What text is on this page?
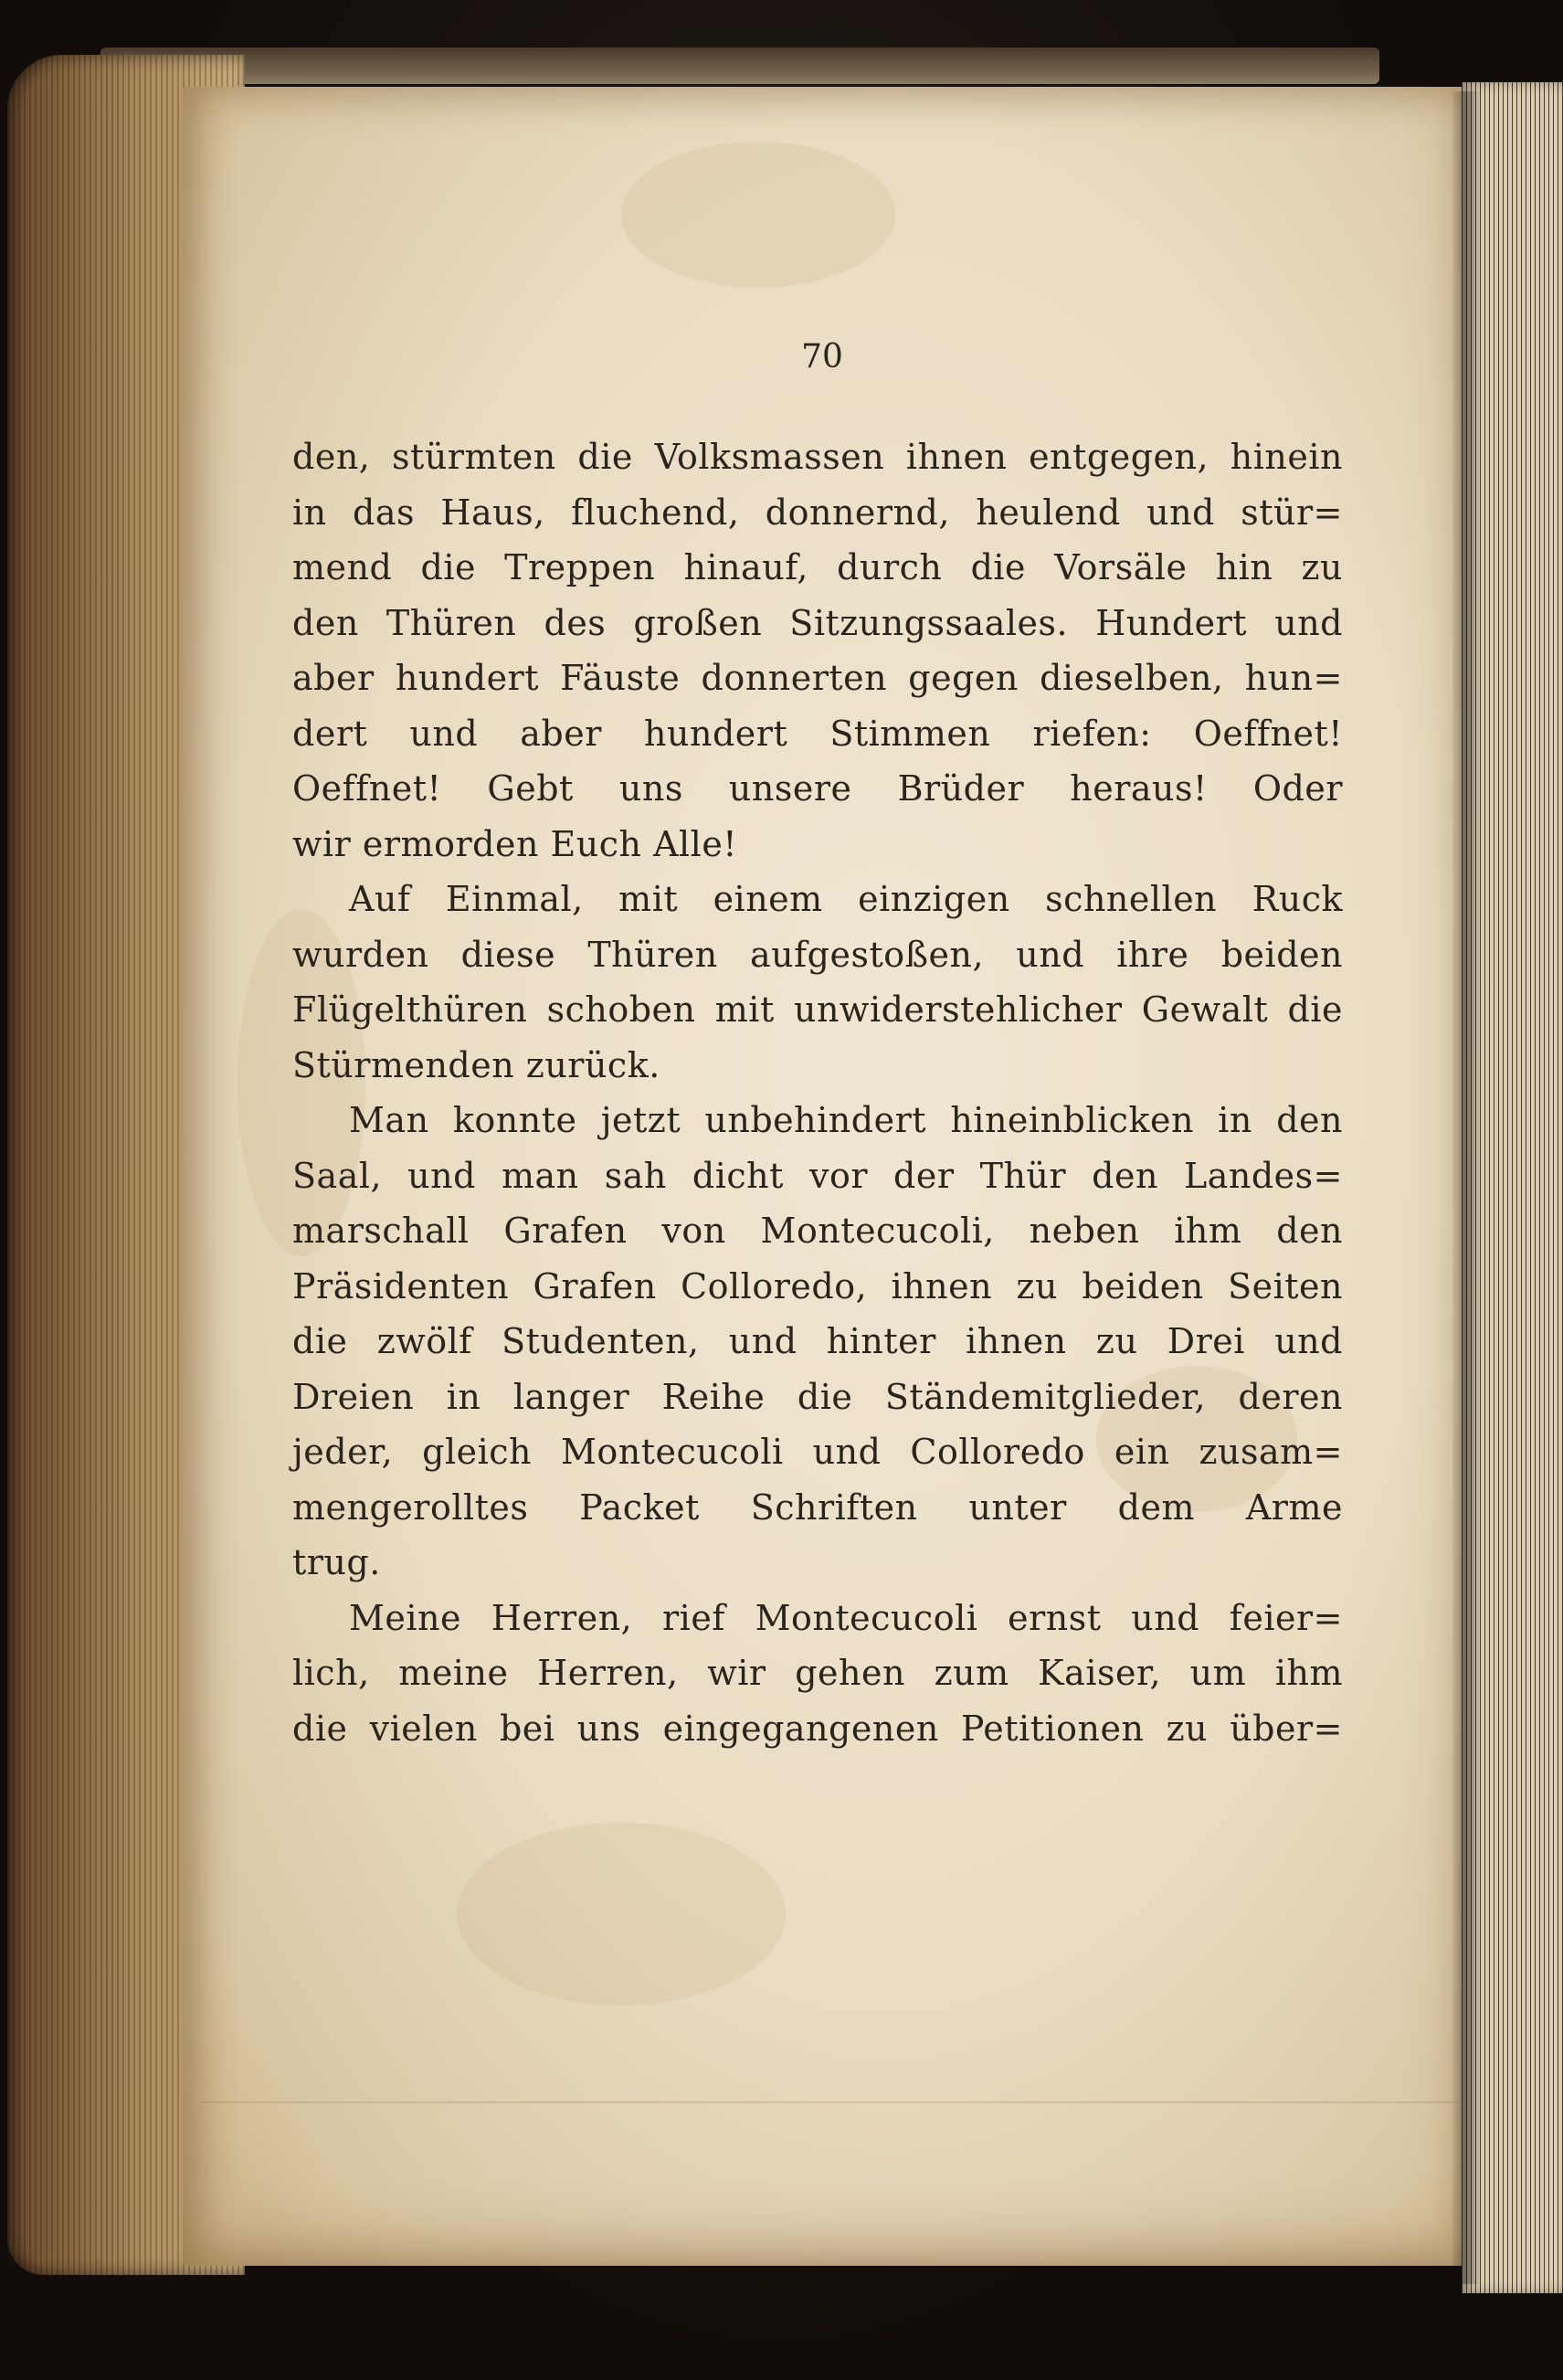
70
den, stürmten die Volksmassen ihnen entgegen, hinein
in das Haus, fluchend, donnernd, heulend und stür=
mend die Treppen hinauf, durch die Vorsäle hin zu
den Thüren des großen Sitzungssaales. Hundert und
aber hundert Fäuste donnerten gegen dieselben, hun=
dert und aber hundert Stimmen riefen: Oeffnet!
Oeffnet! Gebt uns unsere Brüder heraus! Oder
wir ermorden Euch Alle!
Auf Einmal, mit einem einzigen schnellen Ruck
wurden diese Thüren aufgestoßen, und ihre beiden
Flügelthüren schoben mit unwiderstehlicher Gewalt die
Stürmenden zurück.
Man konnte jetzt unbehindert hineinblicken in den
Saal, und man sah dicht vor der Thür den Landes=
marschall Grafen von Montecucoli, neben ihm den
Präsidenten Grafen Colloredo, ihnen zu beiden Seiten
die zwölf Studenten, und hinter ihnen zu Drei und
Dreien in langer Reihe die Ständemitglieder, deren
jeder, gleich Montecucoli und Colloredo ein zusam=
mengerolltes Packet Schriften unter dem Arme
trug.
Meine Herren, rief Montecucoli ernst und feier=
lich, meine Herren, wir gehen zum Kaiser, um ihm
die vielen bei uns eingegangenen Petitionen zu über=
